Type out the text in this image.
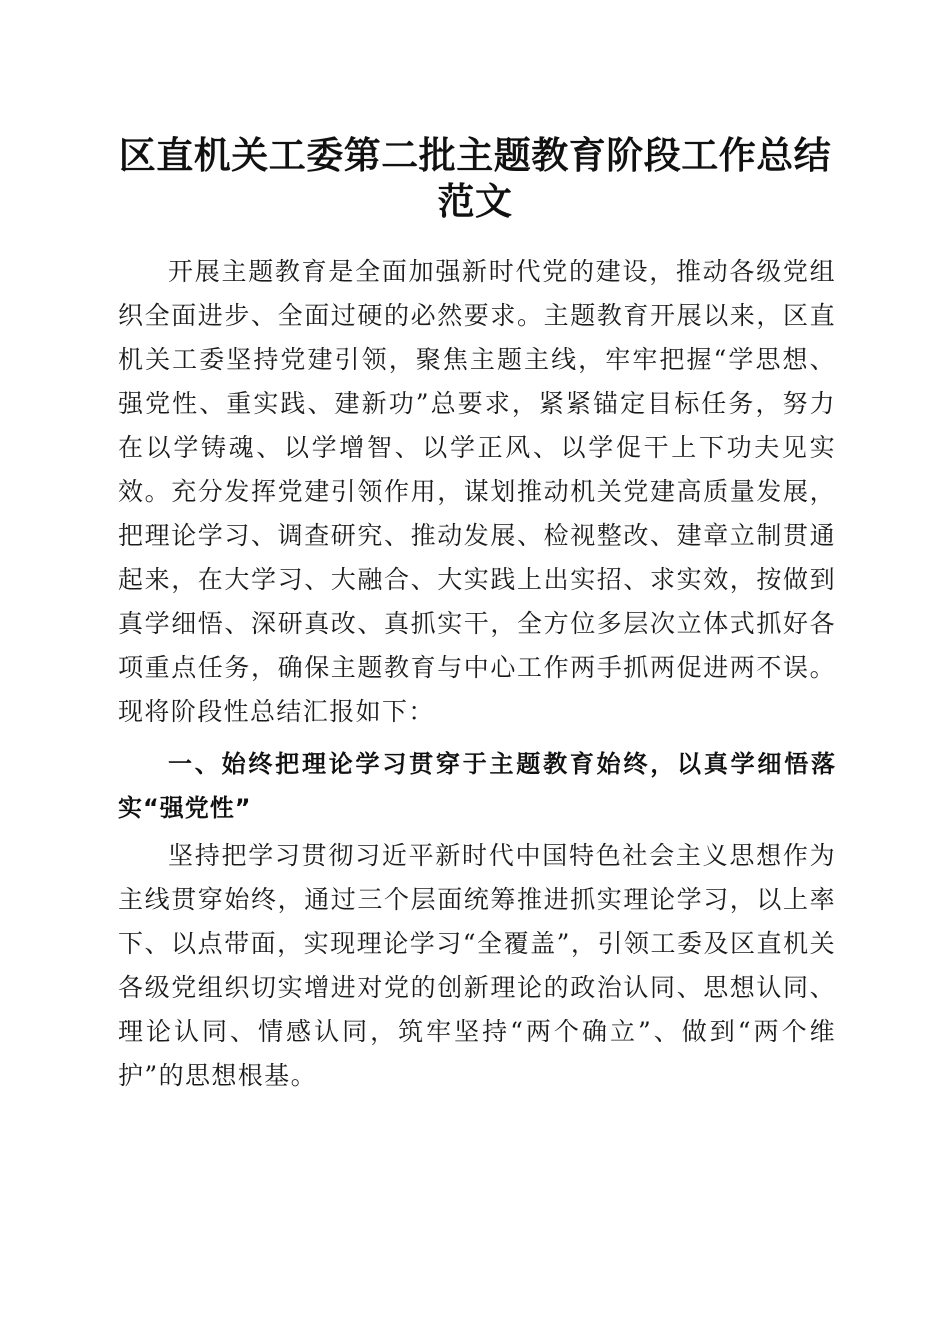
区直机关工委第二批主题教育阶段工作总结范文

开展主题教育是全面加强新时代党的建设，推动各级党组织全面进步、全面过硬的必然要求。主题教育开展以来，区直机关工委坚持党建引领，聚焦主题主线，牢牢把握“学思想、强党性、重实践、建新功”总要求，紧紧锚定目标任务，努力在以学铸魂、以学增智、以学正风、以学促干上下功夫见实效。充分发挥党建引领作用，谋划推动机关党建高质量发展，把理论学习、调查研究、推动发展、检视整改、建章立制贯通起来，在大学习、大融合、大实践上出实招、求实效，按做到真学细悟、深研真改、真抓实干，全方位多层次立体式抓好各项重点任务，确保主题教育与中心工作两手抓两促进两不误。现将阶段性总结汇报如下：

一、始终把理论学习贯穿于主题教育始终，以真学细悟落实“强党性”

坚持把学习贯彻习近平新时代中国特色社会主义思想作为主线贯穿始终，通过三个层面统筹推进抓实理论学习，以上率下、以点带面，实现理论学习“全覆盖”，引领工委及区直机关各级党组织切实增进对党的创新理论的政治认同、思想认同、理论认同、情感认同，筑牢坚持“两个确立”、做到“两个维护”的思想根基。
